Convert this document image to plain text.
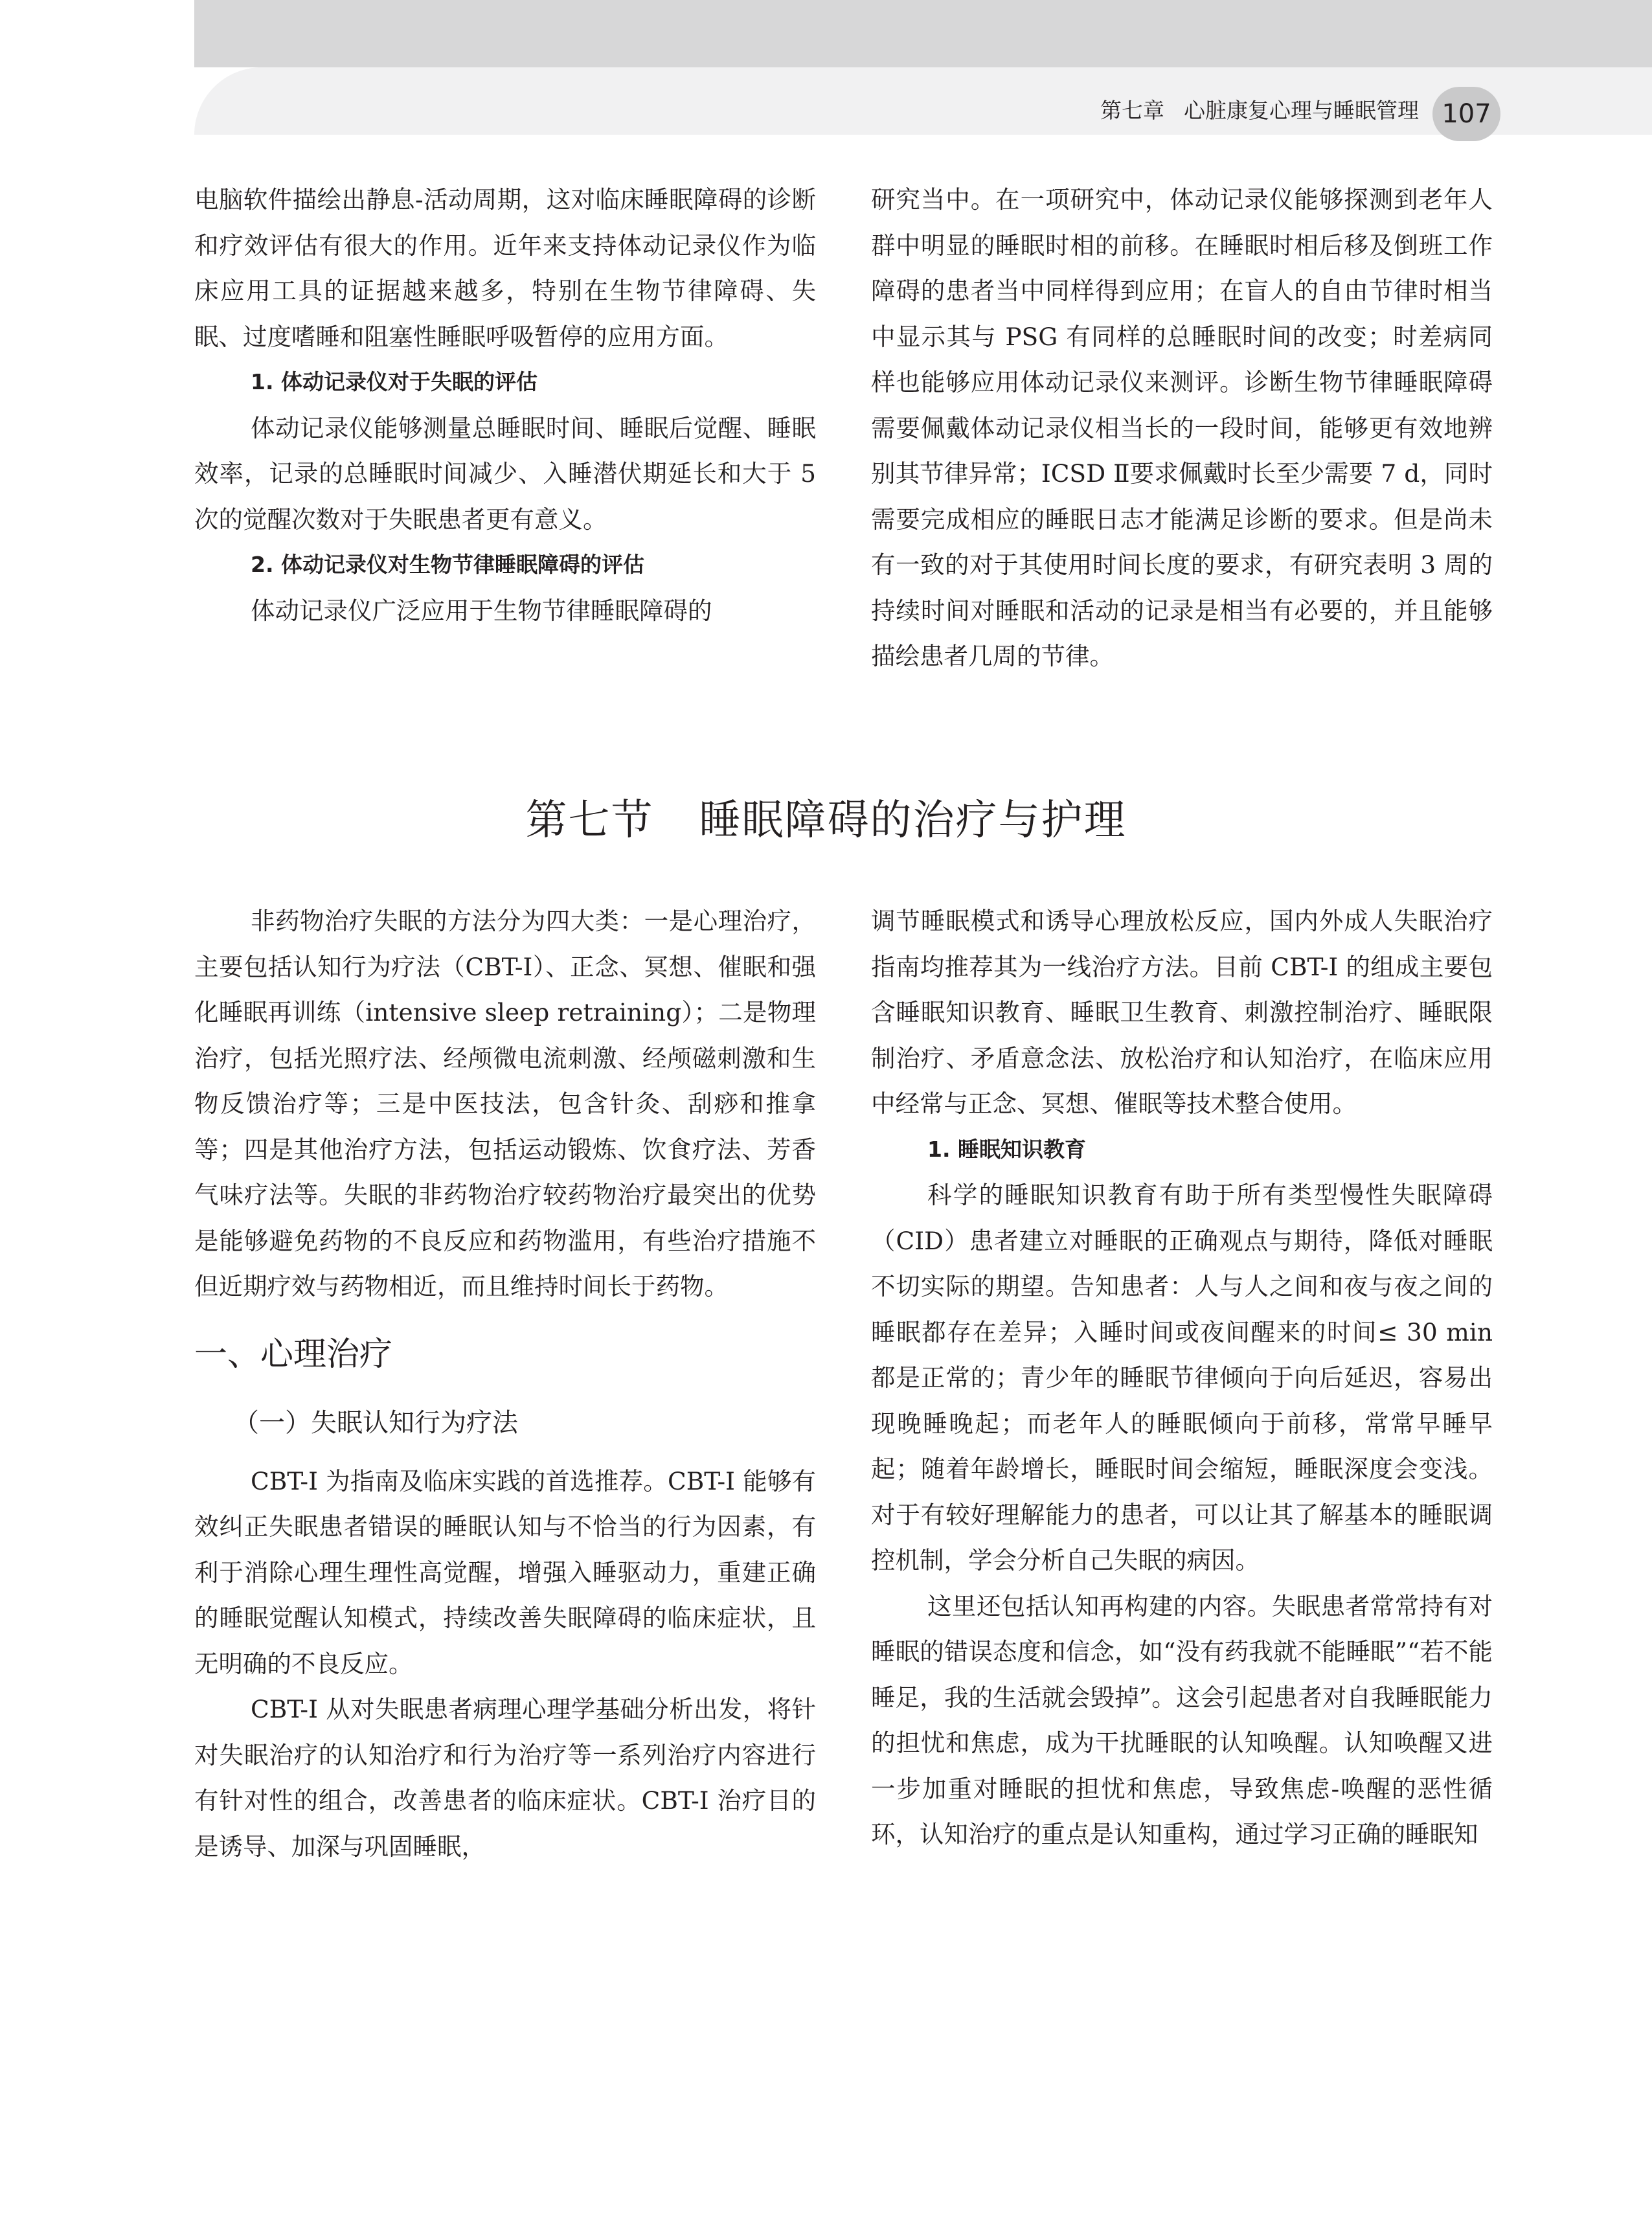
第七章 心脏康复心理与睡眠管理 107

电脑软件描绘出静息-活动周期，这对临床睡眠障碍的诊断和疗效评估有很大的作用。近年来支持体动记录仪作为临床应用工具的证据越来越多，特别在生物节律障碍、失眠、过度嗜睡和阻塞性睡眠呼吸暂停的应用方面。

1. 体动记录仪对于失眠的评估

体动记录仪能够测量总睡眠时间、睡眠后觉醒、睡眠效率，记录的总睡眠时间减少、入睡潜伏期延长和大于 5 次的觉醒次数对于失眠患者更有意义。

2. 体动记录仪对生物节律睡眠障碍的评估

体动记录仪广泛应用于生物节律睡眠障碍的

研究当中。在一项研究中，体动记录仪能够探测到老年人群中明显的睡眠时相的前移。在睡眠时相后移及倒班工作障碍的患者当中同样得到应用；在盲人的自由节律时相当中显示其与 PSG 有同样的总睡眠时间的改变；时差病同样也能够应用体动记录仪来测评。诊断生物节律睡眠障碍需要佩戴体动记录仪相当长的一段时间，能够更有效地辨别其节律异常；ICSD Ⅱ要求佩戴时长至少需要 7 d，同时需要完成相应的睡眠日志才能满足诊断的要求。但是尚未有一致的对于其使用时间长度的要求，有研究表明 3 周的持续时间对睡眠和活动的记录是相当有必要的，并且能够描绘患者几周的节律。

第七节 睡眠障碍的治疗与护理

非药物治疗失眠的方法分为四大类：一是心理治疗，主要包括认知行为疗法（CBT-I）、正念、冥想、催眠和强化睡眠再训练（intensive sleep retraining）；二是物理治疗，包括光照疗法、经颅微电流刺激、经颅磁刺激和生物反馈治疗等；三是中医技法，包含针灸、刮痧和推拿等；四是其他治疗方法，包括运动锻炼、饮食疗法、芳香气味疗法等。失眠的非药物治疗较药物治疗最突出的优势是能够避免药物的不良反应和药物滥用，有些治疗措施不但近期疗效与药物相近，而且维持时间长于药物。

一、心理治疗
（一）失眠认知行为疗法

CBT-I 为指南及临床实践的首选推荐。CBT-I 能够有效纠正失眠患者错误的睡眠认知与不恰当的行为因素，有利于消除心理生理性高觉醒，增强入睡驱动力，重建正确的睡眠觉醒认知模式，持续改善失眠障碍的临床症状，且无明确的不良反应。

CBT-I 从对失眠患者病理心理学基础分析出发，将针对失眠治疗的认知治疗和行为治疗等一系列治疗内容进行有针对性的组合，改善患者的临床症状。CBT-I 治疗目的是诱导、加深与巩固睡眠，

调节睡眠模式和诱导心理放松反应，国内外成人失眠治疗指南均推荐其为一线治疗方法。目前 CBT-I 的组成主要包含睡眠知识教育、睡眠卫生教育、刺激控制治疗、睡眠限制治疗、矛盾意念法、放松治疗和认知治疗，在临床应用中经常与正念、冥想、催眠等技术整合使用。

1. 睡眠知识教育

科学的睡眠知识教育有助于所有类型慢性失眠障碍（CID）患者建立对睡眠的正确观点与期待，降低对睡眠不切实际的期望。告知患者：人与人之间和夜与夜之间的睡眠都存在差异；入睡时间或夜间醒来的时间≤ 30 min 都是正常的；青少年的睡眠节律倾向于向后延迟，容易出现晚睡晚起；而老年人的睡眠倾向于前移，常常早睡早起；随着年龄增长，睡眠时间会缩短，睡眠深度会变浅。对于有较好理解能力的患者，可以让其了解基本的睡眠调控机制，学会分析自己失眠的病因。

这里还包括认知再构建的内容。失眠患者常常持有对睡眠的错误态度和信念，如“没有药我就不能睡眠”“若不能睡足，我的生活就会毁掉”。这会引起患者对自我睡眠能力的担忧和焦虑，成为干扰睡眠的认知唤醒。认知唤醒又进一步加重对睡眠的担忧和焦虑，导致焦虑-唤醒的恶性循环，认知治疗的重点是认知重构，通过学习正确的睡眠知
